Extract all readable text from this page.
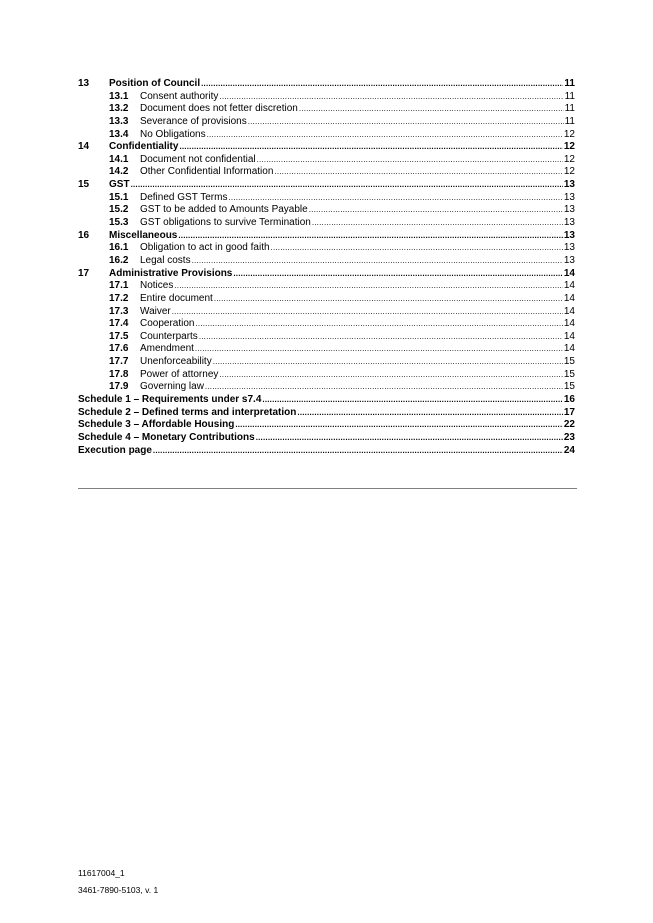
13	Position of Council .....	11
13.1	Consent authority .....	11
13.2	Document does not fetter discretion .....	11
13.3	Severance of provisions .....	11
13.4	No Obligations .....	12
14	Confidentiality .....	12
14.1	Document not confidential .....	12
14.2	Other Confidential Information .....	12
15	GST .....	13
15.1	Defined GST Terms .....	13
15.2	GST to be added to Amounts Payable .....	13
15.3	GST obligations to survive Termination .....	13
16	Miscellaneous .....	13
16.1	Obligation to act in good faith .....	13
16.2	Legal costs .....	13
17	Administrative Provisions .....	14
17.1	Notices .....	14
17.2	Entire document .....	14
17.3	Waiver .....	14
17.4	Cooperation .....	14
17.5	Counterparts .....	14
17.6	Amendment .....	14
17.7	Unenforceability .....	15
17.8	Power of attorney .....	15
17.9	Governing law .....	15
Schedule 1 – Requirements under s7.4 .....	16
Schedule 2 – Defined terms and interpretation .....	17
Schedule 3 – Affordable Housing .....	22
Schedule 4 – Monetary Contributions .....	23
Execution page .....	24
11617004_1
3461-7890-5103, v. 1
